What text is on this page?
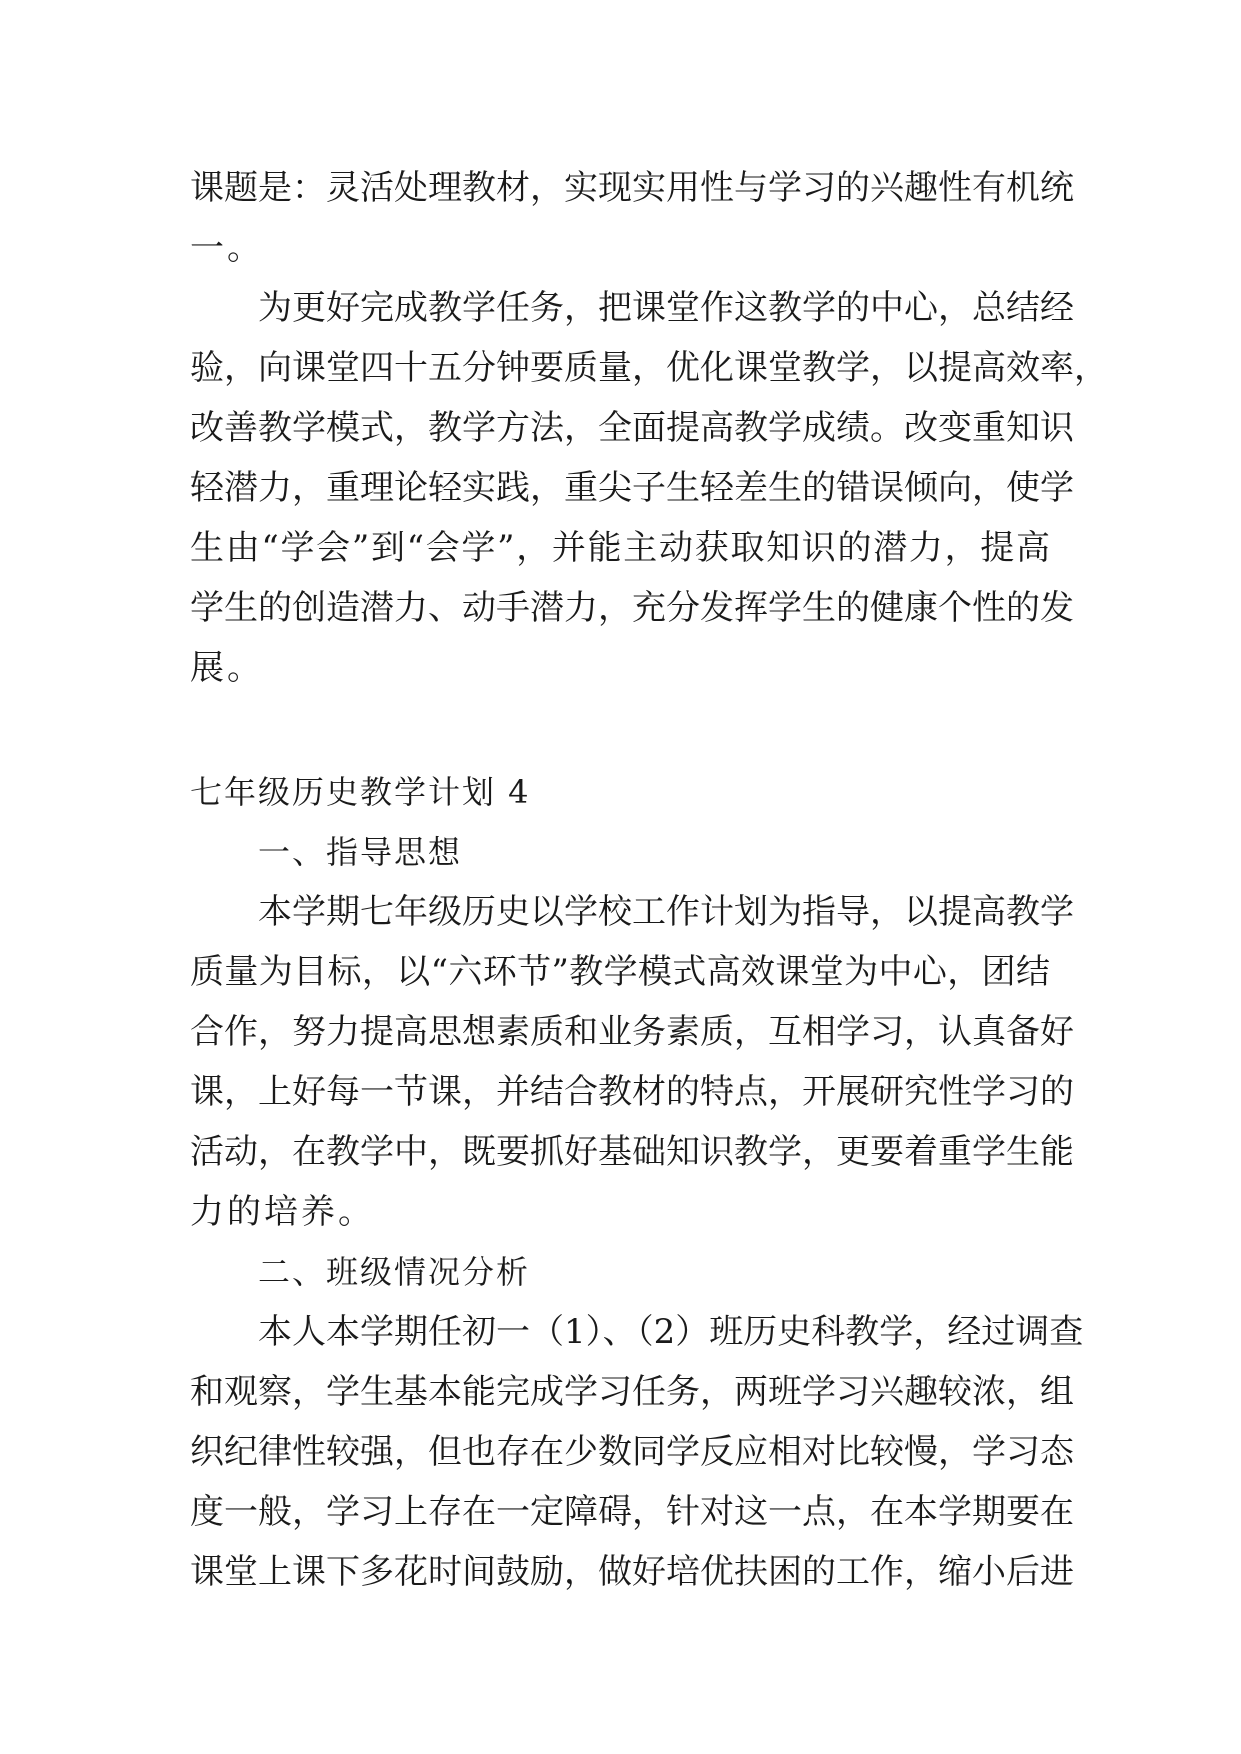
课题是：灵活处理教材，实现实用性与学习的兴趣性有机统
一。
为更好完成教学任务，把课堂作这教学的中心，总结经
验，向课堂四十五分钟要质量，优化课堂教学，以提高效率，
改善教学模式，教学方法，全面提高教学成绩。改变重知识
轻潜力，重理论轻实践，重尖子生轻差生的错误倾向，使学
生由“学会”到“会学”，并能主动获取知识的潜力，提高
学生的创造潜力、动手潜力，充分发挥学生的健康个性的发
展。
七年级历史教学计划 4
一、指导思想
本学期七年级历史以学校工作计划为指导，以提高教学
质量为目标，以“六环节”教学模式高效课堂为中心，团结
合作，努力提高思想素质和业务素质，互相学习，认真备好
课，上好每一节课，并结合教材的特点，开展研究性学习的
活动，在教学中，既要抓好基础知识教学，更要着重学生能
力的培养。
二、班级情况分析
本人本学期任初一（1）、（2）班历史科教学，经过调查
和观察，学生基本能完成学习任务，两班学习兴趣较浓，组
织纪律性较强，但也存在少数同学反应相对比较慢，学习态
度一般，学习上存在一定障碍，针对这一点，在本学期要在
课堂上课下多花时间鼓励，做好培优扶困的工作，缩小后进
